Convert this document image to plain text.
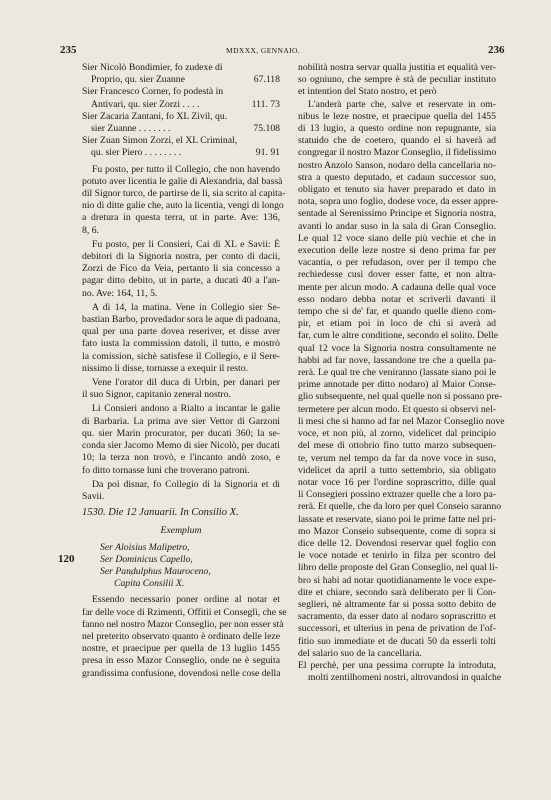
235	MDXXX, GENNAIO.	236
120
Sier Nicolò Bondimier, fo zudexe di
Proprio, qu. sier Zuanne	67.118
Sier Francesco Corner, fo podestà in
Antivari, qu. sier Zorzi . . . .	111. 73
Sier Zacaria Zantani, fo XL Zivil, qu.
sier Zuanne . . . . . . .	75.108
Sier Zuan Simon Zorzi, el XL Criminal,
qu. sier Piero . . . . . . . .	91. 91

Fu posto, per tutto il Collegio, che non havendo
potuto aver licentia le galie di Alexandria, dal bassà
dil Signor turco, de partirse de lì, sia scrito al capita-
nio di ditte galie che, auto la licentia, vengi di longo
a dretura in questa terra, ut in parte. Ave: 136,
8, 6.

Fu posto, per li Consieri, Cai di XL e Savii: È
debitori di la Signoria nostra, per conto di dacii,
Zorzi de Fico da Veia, pertanto li sia concesso a
pagar ditto debito, ut in parte, a ducati 40 a l'an-
no. Ave: 164, 11, 5.

A dì 14, la matina. Vene in Collegio sier Se-
bastian Barbo, provedador sora le aque di padoana,
qual per una parte dovea reseriver, et disse aver
fato iusta la commission datoli, il tutto, e mostrò
la comission, sichè satisfese il Collegio, e il Sere-
nissimo li disse, tornasse a exequir il resto.

Vene l'orator dil duca di Urbin, per danari per
il suo Signor, capitanio zeneral nostro.

Li Consieri andono a Rialto a incantar le galie
di Barbaria. La prima ave sier Vettor di Garzoni
qu. sier Marin procurator, per ducati 360; la se-
conda sier Jacomo Memo di sier Nicolò, per ducati
10; la terza non trovò, e l'incanto andò zoso, e
fo ditto tornasse luni che troverano patroni.

Da poi disnar, fo Collegio di la Signoria et di
Savii.

1530. Die 12 Januarii. In Consilio X.
Exemplum
Ser Aloisius Malipetro,
Ser Dominicus Capello,
Ser Pandulphus Mauroceno,
Capita Consilii X.

Essendo necessario poner ordine al notar et
far delle voce di Rzimenti, Offitii et Conseglì, che se
fanno nel nostro Mazor Conseglio, per non esser stà
nel preterito observato quanto è ordinato delle leze
nostre, et praecipue per quella de 13 luglio 1455
presa in esso Mazor Conseglio, onde ne è seguita
grandissima confusione, dovendosi nelle cose della

nobilità nostra servar qualla justitia et equalità ver-
so ogniuno, che sempre è stà de peculiar instituto
et intention del Stato nostro, et però
L'anderà parte che, salve et reservate in om-
nibus le leze nostre, et praecipue quella del 1455
di 13 lugio, a questo ordine non repugnante, sia
statuido che de coetero, quando el si haverà ad
congregar il nostro Mazor Conseglio, il fidelissimo
nostro Anzolo Sanson, nodaro della cancellaria no-
stra a questo deputado, et cadaun successor suo,
obligato et tenuto sia haver preparado et dato in
nota, sopra uno foglio, dodese voce, da esser appre-
sentade al Serenissimo Principe et Signoria nostra,
avanti lo andar suso in la sala di Gran Conseglio.
Le qual 12 voce siano delle più vechie et che in
execution delle leze nostre si deno prima far per
vacantia, o per refudason, over per il tempo che
rechiedesse cusì dover esser fatte, et non altra-
mente per alcun modo. A cadauna delle qual voce
esso nodaro debba notar et scriverli davanti il
tempo che si de' far, et quando quelle dieno com-
pir, et etiam poi in loco de chi si averà ad
far, cum le altre conditione, secondo el solito. Delle
qual 12 voce la Signoria nostra consultamente ne
habbi ad far nove, lassandone tre che a quella pa-
rerà. Le qual tre che veniranno (lassate siano poi le
prime annotade per ditto nodaro) al Maior Conse-
glio subsequente, nel qual quelle non si possano pre-
termetere per alcun modo. Et questo si observi nel-
li mesi che si hanno ad far nel Mazor Conseglio nove
voce, et non più, al zorno, videlicet dal principio
del mese di ottobrio fino tutto marzo subsequen-
te, verum nel tempo da far da nove voce in suso,
videlicet da april a tutto settembrio, sia obligato
notar voce 16 per l'ordine soprascritto, dille qual
li Consegieri possino extrazer quelle che a loro pa-
rerà. Et quelle, che da loro per quel Conseio saranno
lassate et reservate, siano poi le prime fatte nel pri-
mo Mazor Conseio subsequente, come di sopra si
dice delle 12. Dovendosi reservar quel foglio con
le voce notade et tenirlo in filza per scontro del
libro delle proposte del Gran Conseglio, nel qual li-
bro si habi ad notar quotidianamente le voce expe-
dite et chiare, secondo sarà deliberato per li Con-
seglieri, nè altramente far si possa sotto debito de
sacramento, da esser dato al nodaro soprascritto et
successori, et ulterius in pena de privation de l'of-
fitio suo immediate et de ducati 50 da esserli tolti
del salario suo de la cancellaria.
El perchè, per una pessima corrupte la introduta,
molti zentilhomeni nostri, altrovandosi in qualche
